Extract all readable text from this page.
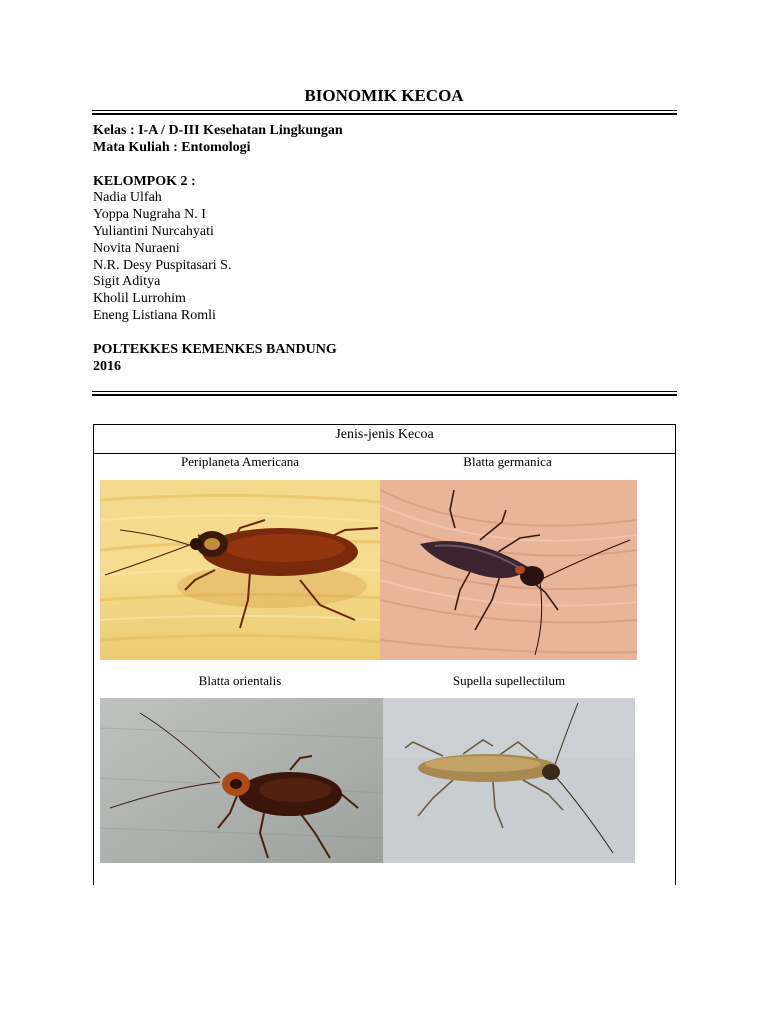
BIONOMIK KECOA
Kelas : I-A / D-III Kesehatan Lingkungan
Mata Kuliah : Entomologi
KELOMPOK 2 :
Nadia Ulfah
Yoppa Nugraha N. I
Yuliantini Nurcahyati
Novita Nuraeni
N.R. Desy Puspitasari S.
Sigit Aditya
Kholil Lurrohim
Eneng Listiana Romli
POLTEKKES KEMENKES BANDUNG
2016
Jenis-jenis Kecoa
Periplaneta Americana	Blatta germanica
Blatta orientalis	Supella supellectilum
